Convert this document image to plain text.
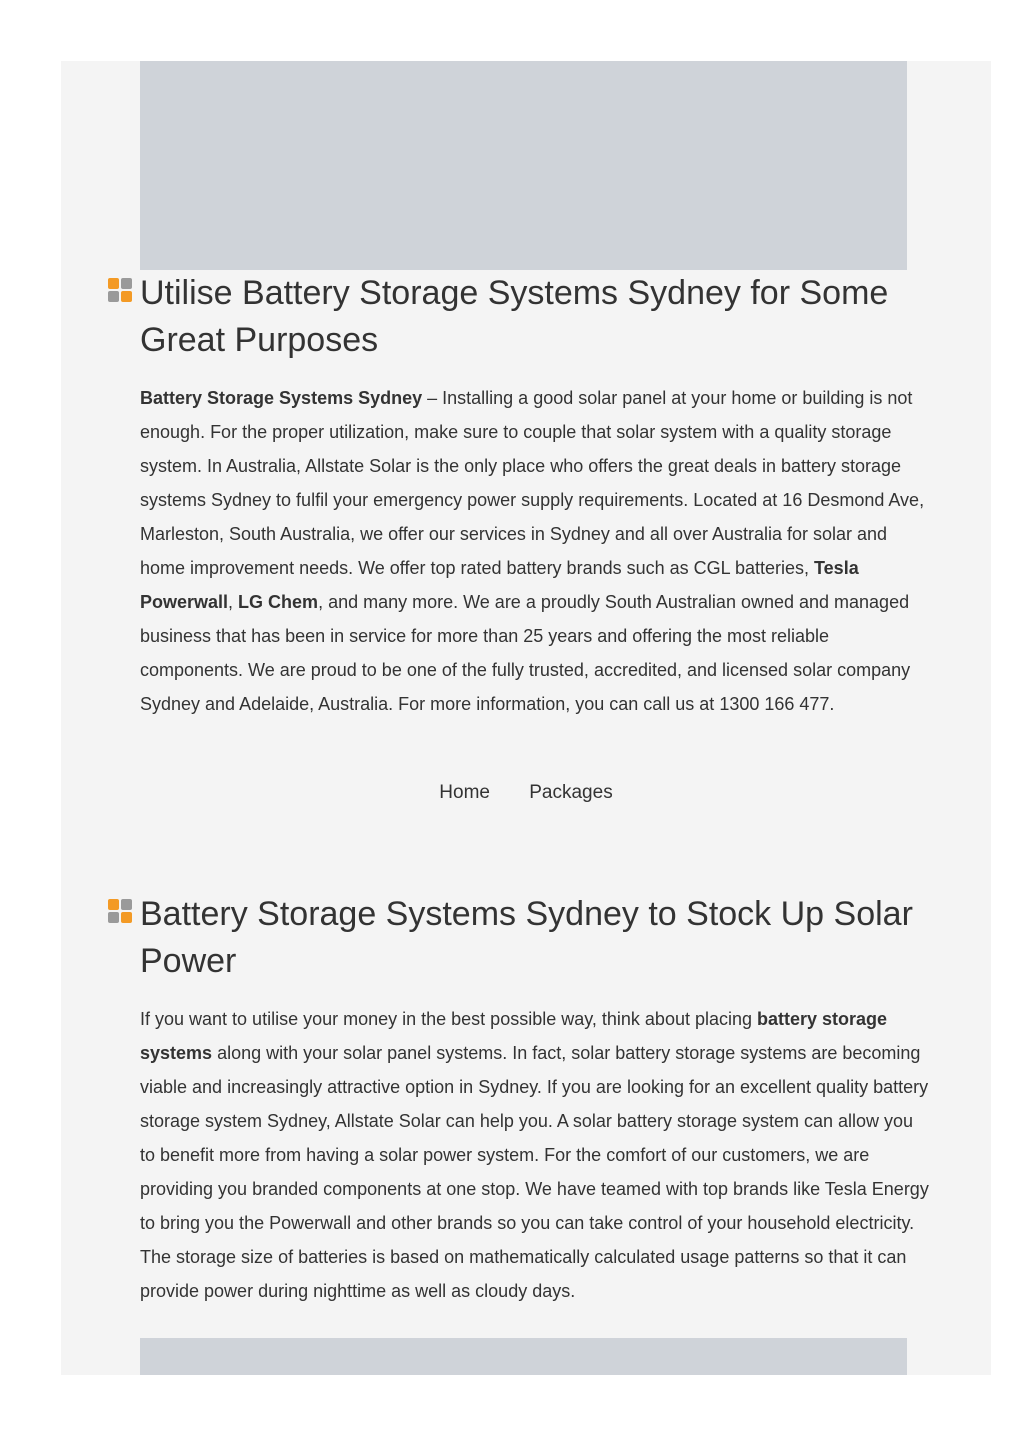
Utilise Battery Storage Systems Sydney for Some Great Purposes

Battery Storage Systems Sydney – Installing a good solar panel at your home or building is not enough. For the proper utilization, make sure to couple that solar system with a quality storage system. In Australia, Allstate Solar is the only place who offers the great deals in battery storage systems Sydney to fulfil your emergency power supply requirements. Located at 16 Desmond Ave, Marleston, South Australia, we offer our services in Sydney and all over Australia for solar and home improvement needs. We offer top rated battery brands such as CGL batteries, Tesla Powerwall, LG Chem, and many more. We are a proudly South Australian owned and managed business that has been in service for more than 25 years and offering the most reliable components. We are proud to be one of the fully trusted, accredited, and licensed solar company Sydney and Adelaide, Australia. For more information, you can call us at 1300 166 477.

Home Packages
Battery Storage Systems Sydney to Stock Up Solar Power

If you want to utilise your money in the best possible way, think about placing battery storage systems along with your solar panel systems. In fact, solar battery storage systems are becoming viable and increasingly attractive option in Sydney. If you are looking for an excellent quality battery storage system Sydney, Allstate Solar can help you. A solar battery storage system can allow you to benefit more from having a solar power system. For the comfort of our customers, we are providing you branded components at one stop. We have teamed with top brands like Tesla Energy to bring you the Powerwall and other brands so you can take control of your household electricity. The storage size of batteries is based on mathematically calculated usage patterns so that it can provide power during nighttime as well as cloudy days.
